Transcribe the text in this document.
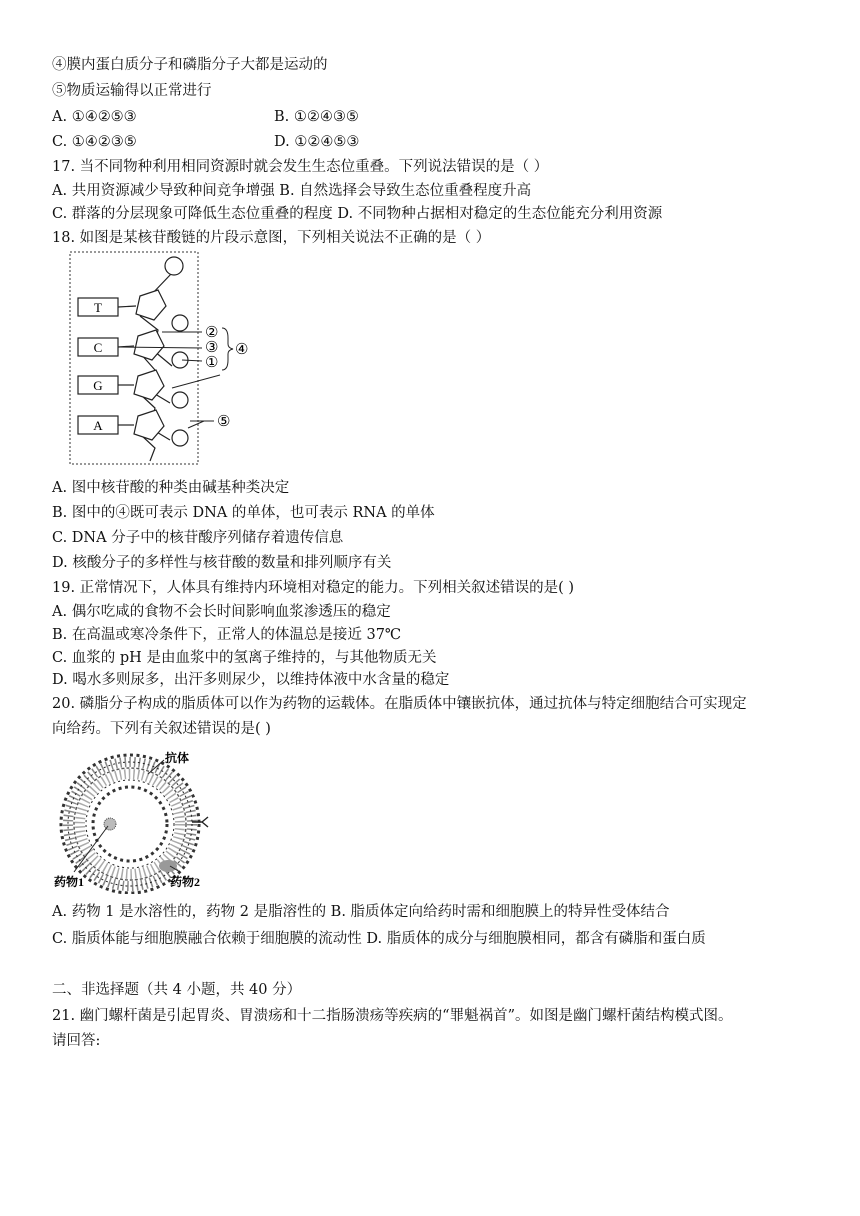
④膜内蛋白质分子和磷脂分子大都是运动的
⑤物质运输得以正常进行
A. ①④②⑤③	B. ①②④③⑤
C. ①④②③⑤	D. ①②④⑤③
17. 当不同物种利用相同资源时就会发生生态位重叠。下列说法错误的是（ ）
A. 共用资源减少导致种间竞争增强 B. 自然选择会导致生态位重叠程度升高
C. 群落的分层现象可降低生态位重叠的程度 D. 不同物种占据相对稳定的生态位能充分利用资源
18. 如图是某核苷酸链的片段示意图，下列相关说法不正确的是（ ）
T
C
G
A
②
③
①
④
⑤
A. 图中核苷酸的种类由碱基种类决定
B. 图中的④既可表示 DNA 的单体，也可表示 RNA 的单体
C. DNA 分子中的核苷酸序列储存着遗传信息
D. 核酸分子的多样性与核苷酸的数量和排列顺序有关
19. 正常情况下，人体具有维持内环境相对稳定的能力。下列相关叙述错误的是( )
A. 偶尔吃咸的食物不会长时间影响血浆渗透压的稳定
B. 在高温或寒冷条件下，正常人的体温总是接近 37℃
C. 血浆的 pH 是由血浆中的氢离子维持的，与其他物质无关
D. 喝水多则尿多，出汗多则尿少，以维持体液中水含量的稳定
20. 磷脂分子构成的脂质体可以作为药物的运载体。在脂质体中镶嵌抗体，通过抗体与特定细胞结合可实现定
向给药。下列有关叙述错误的是( )
抗体
药物1	药物2
A. 药物 1 是水溶性的，药物 2 是脂溶性的 B. 脂质体定向给药时需和细胞膜上的特异性受体结合
C. 脂质体能与细胞膜融合依赖于细胞膜的流动性 D. 脂质体的成分与细胞膜相同，都含有磷脂和蛋白质
二、非选择题（共 4 小题，共 40 分）
21. 幽门螺杆菌是引起胃炎、胃溃疡和十二指肠溃疡等疾病的“罪魁祸首”。如图是幽门螺杆菌结构模式图。
请回答:
